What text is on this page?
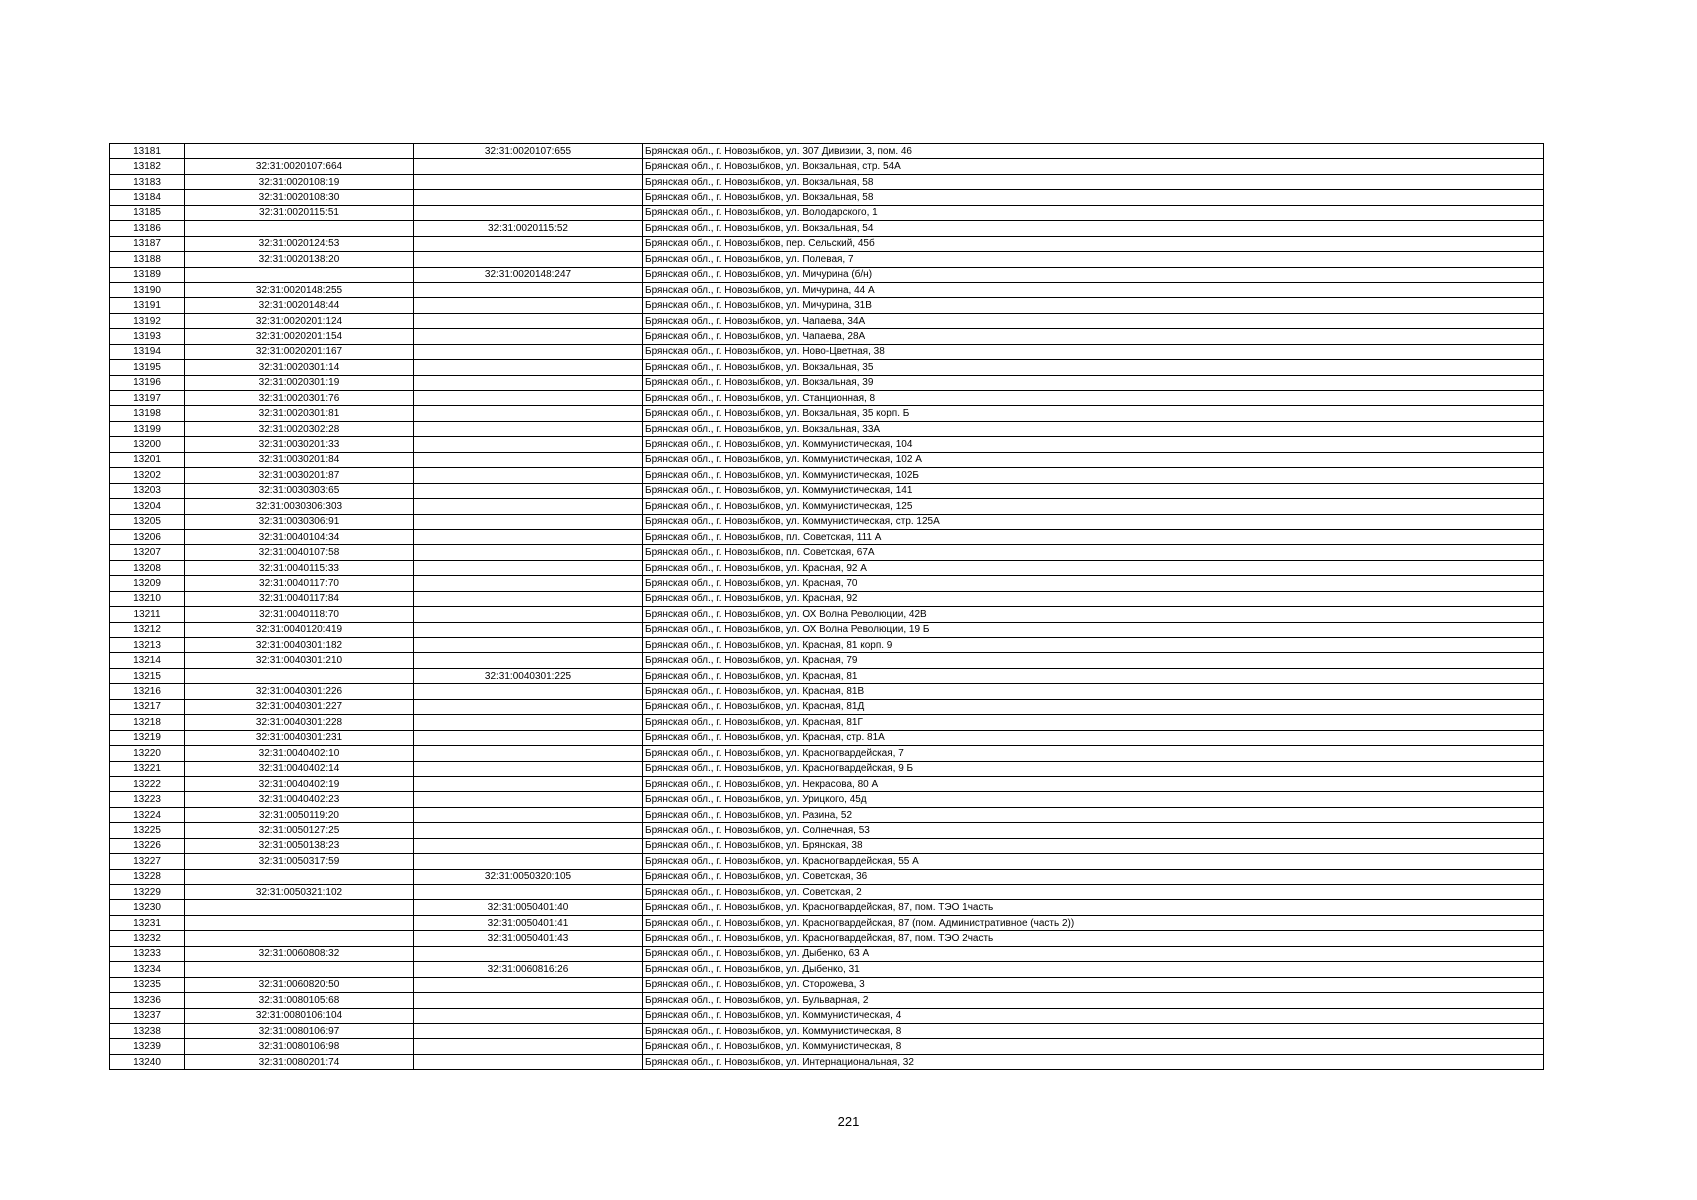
13181		32:31:0020107:655	Брянская обл., г. Новозыбков, ул. 307 Дивизии, 3, пом. 46
13182	32:31:0020107:664		Брянская обл., г. Новозыбков, ул. Вокзальная, стр. 54А
13183	32:31:0020108:19		Брянская обл., г. Новозыбков, ул. Вокзальная, 58
13184	32:31:0020108:30		Брянская обл., г. Новозыбков, ул. Вокзальная, 58
13185	32:31:0020115:51		Брянская обл., г. Новозыбков, ул. Володарского, 1
13186		32:31:0020115:52	Брянская обл., г. Новозыбков, ул. Вокзальная, 54
13187	32:31:0020124:53		Брянская обл., г. Новозыбков, пер. Сельский, 45б
13188	32:31:0020138:20		Брянская обл., г. Новозыбков, ул. Полевая, 7
13189		32:31:0020148:247	Брянская обл., г. Новозыбков, ул. Мичурина (б/н)
13190	32:31:0020148:255		Брянская обл., г. Новозыбков, ул. Мичурина, 44 А
13191	32:31:0020148:44		Брянская обл., г. Новозыбков, ул. Мичурина, 31В
13192	32:31:0020201:124		Брянская обл., г. Новозыбков, ул. Чапаева, 34А
13193	32:31:0020201:154		Брянская обл., г. Новозыбков, ул. Чапаева, 28А
13194	32:31:0020201:167		Брянская обл., г. Новозыбков, ул. Ново-Цветная, 38
13195	32:31:0020301:14		Брянская обл., г. Новозыбков, ул. Вокзальная, 35
13196	32:31:0020301:19		Брянская обл., г. Новозыбков, ул. Вокзальная, 39
13197	32:31:0020301:76		Брянская обл., г. Новозыбков, ул. Станционная, 8
13198	32:31:0020301:81		Брянская обл., г. Новозыбков, ул. Вокзальная, 35 корп. Б
13199	32:31:0020302:28		Брянская обл., г. Новозыбков, ул. Вокзальная, 33А
13200	32:31:0030201:33		Брянская обл., г. Новозыбков, ул. Коммунистическая, 104
13201	32:31:0030201:84		Брянская обл., г. Новозыбков, ул. Коммунистическая, 102 А
13202	32:31:0030201:87		Брянская обл., г. Новозыбков, ул. Коммунистическая, 102Б
13203	32:31:0030303:65		Брянская обл., г. Новозыбков, ул. Коммунистическая, 141
13204	32:31:0030306:303		Брянская обл., г. Новозыбков, ул. Коммунистическая, 125
13205	32:31:0030306:91		Брянская обл., г. Новозыбков, ул. Коммунистическая, стр. 125А
13206	32:31:0040104:34		Брянская обл., г. Новозыбков, пл. Советская, 111 А
13207	32:31:0040107:58		Брянская обл., г. Новозыбков, пл. Советская, 67А
13208	32:31:0040115:33		Брянская обл., г. Новозыбков, ул. Красная, 92 А
13209	32:31:0040117:70		Брянская обл., г. Новозыбков, ул. Красная, 70
13210	32:31:0040117:84		Брянская обл., г. Новозыбков, ул. Красная, 92
13211	32:31:0040118:70		Брянская обл., г. Новозыбков, ул. ОХ Волна Революции, 42В
13212	32:31:0040120:419		Брянская обл., г. Новозыбков, ул. ОХ Волна Революции, 19 Б
13213	32:31:0040301:182		Брянская обл., г. Новозыбков, ул. Красная, 81 корп. 9
13214	32:31:0040301:210		Брянская обл., г. Новозыбков, ул. Красная, 79
13215		32:31:0040301:225	Брянская обл., г. Новозыбков, ул. Красная, 81
13216	32:31:0040301:226		Брянская обл., г. Новозыбков, ул. Красная, 81В
13217	32:31:0040301:227		Брянская обл., г. Новозыбков, ул. Красная, 81Д
13218	32:31:0040301:228		Брянская обл., г. Новозыбков, ул. Красная, 81Г
13219	32:31:0040301:231		Брянская обл., г. Новозыбков, ул. Красная, стр. 81А
13220	32:31:0040402:10		Брянская обл., г. Новозыбков, ул. Красногвардейская, 7
13221	32:31:0040402:14		Брянская обл., г. Новозыбков, ул. Красногвардейская, 9 Б
13222	32:31:0040402:19		Брянская обл., г. Новозыбков, ул. Некрасова, 80 А
13223	32:31:0040402:23		Брянская обл., г. Новозыбков, ул. Урицкого, 45д
13224	32:31:0050119:20		Брянская обл., г. Новозыбков, ул. Разина, 52
13225	32:31:0050127:25		Брянская обл., г. Новозыбков, ул. Солнечная, 53
13226	32:31:0050138:23		Брянская обл., г. Новозыбков, ул. Брянская, 38
13227	32:31:0050317:59		Брянская обл., г. Новозыбков, ул. Красногвардейская, 55 А
13228		32:31:0050320:105	Брянская обл., г. Новозыбков, ул. Советская, 36
13229	32:31:0050321:102		Брянская обл., г. Новозыбков, ул. Советская, 2
13230		32:31:0050401:40	Брянская обл., г. Новозыбков, ул. Красногвардейская, 87, пом. ТЭО 1часть
13231		32:31:0050401:41	Брянская обл., г. Новозыбков, ул. Красногвардейская, 87 (пом. Административное (часть 2))
13232		32:31:0050401:43	Брянская обл., г. Новозыбков, ул. Красногвардейская, 87, пом. ТЭО 2часть
13233	32:31:0060808:32		Брянская обл., г. Новозыбков, ул. Дыбенко, 63 А
13234		32:31:0060816:26	Брянская обл., г. Новозыбков, ул. Дыбенко, 31
13235	32:31:0060820:50		Брянская обл., г. Новозыбков, ул. Сторожева, 3
13236	32:31:0080105:68		Брянская обл., г. Новозыбков, ул. Бульварная, 2
13237	32:31:0080106:104		Брянская обл., г. Новозыбков, ул. Коммунистическая, 4
13238	32:31:0080106:97		Брянская обл., г. Новозыбков, ул. Коммунистическая, 8
13239	32:31:0080106:98		Брянская обл., г. Новозыбков, ул. Коммунистическая, 8
13240	32:31:0080201:74		Брянская обл., г. Новозыбков, ул. Интернациональная, 32
221
